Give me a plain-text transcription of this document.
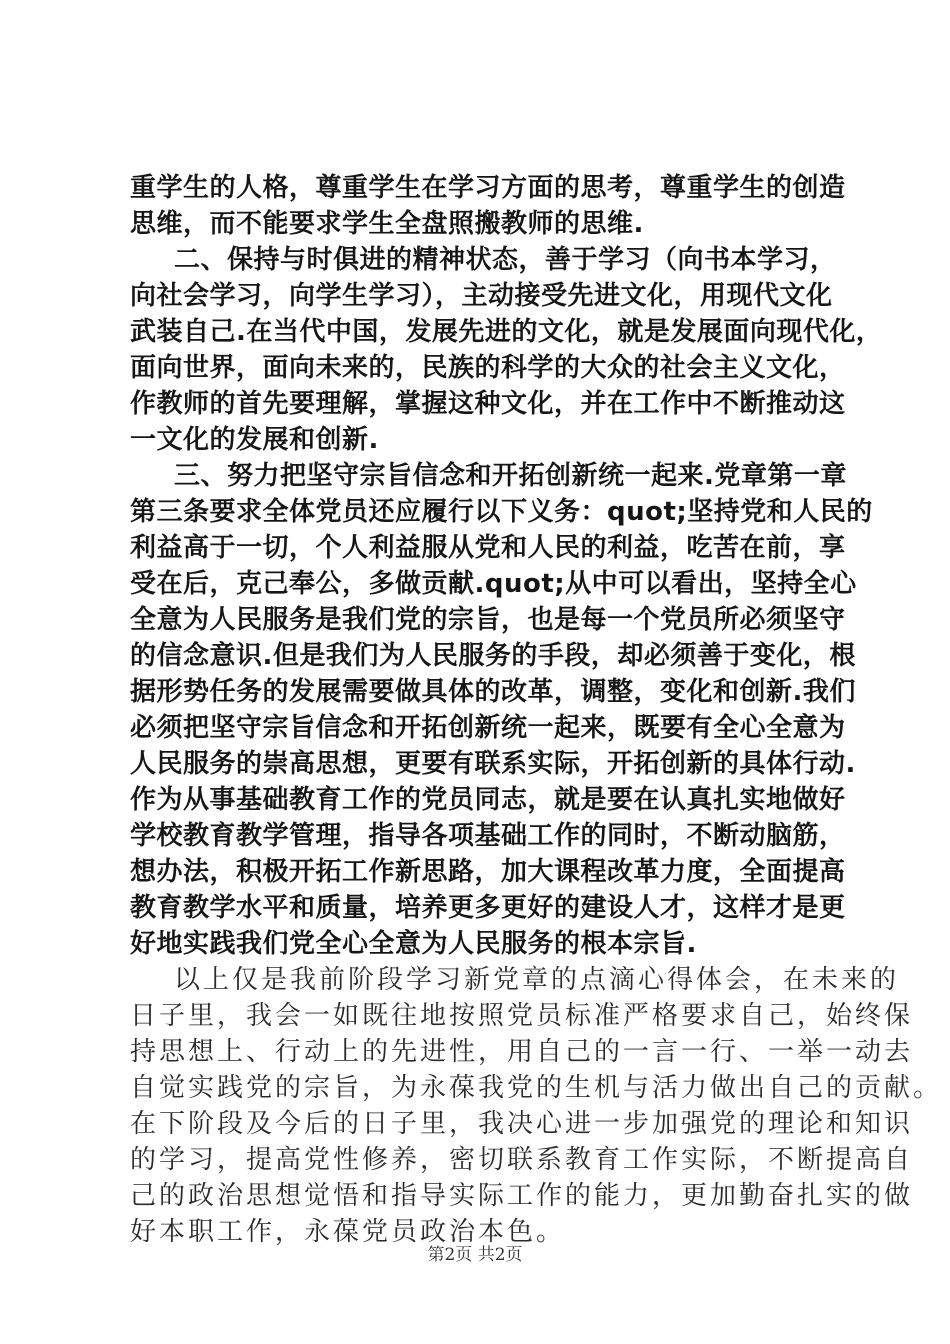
重学生的人格，尊重学生在学习方面的思考，尊重学生的创造
思维，而不能要求学生全盘照搬教师的思维.
二、保持与时俱进的精神状态，善于学习（向书本学习，
向社会学习，向学生学习），主动接受先进文化，用现代文化
武装自己.在当代中国，发展先进的文化，就是发展面向现代化，
面向世界，面向未来的，民族的科学的大众的社会主义文化，
作教师的首先要理解，掌握这种文化，并在工作中不断推动这
一文化的发展和创新.
三、努力把坚守宗旨信念和开拓创新统一起来.党章第一章
第三条要求全体党员还应履行以下义务：quot;坚持党和人民的
利益高于一切，个人利益服从党和人民的利益，吃苦在前，享
受在后，克己奉公，多做贡献.quot;从中可以看出，坚持全心
全意为人民服务是我们党的宗旨，也是每一个党员所必须坚守
的信念意识.但是我们为人民服务的手段，却必须善于变化，根
据形势任务的发展需要做具体的改革，调整，变化和创新.我们
必须把坚守宗旨信念和开拓创新统一起来，既要有全心全意为
人民服务的崇高思想，更要有联系实际，开拓创新的具体行动.
作为从事基础教育工作的党员同志，就是要在认真扎实地做好
学校教育教学管理，指导各项基础工作的同时，不断动脑筋，
想办法，积极开拓工作新思路，加大课程改革力度，全面提高
教育教学水平和质量，培养更多更好的建设人才，这样才是更
好地实践我们党全心全意为人民服务的根本宗旨.
以上仅是我前阶段学习新党章的点滴心得体会，在未来的
日子里，我会一如既往地按照党员标准严格要求自己，始终保
持思想上、行动上的先进性，用自己的一言一行、一举一动去
自觉实践党的宗旨，为永葆我党的生机与活力做出自己的贡献。
在下阶段及今后的日子里，我决心进一步加强党的理论和知识
的学习，提高党性修养，密切联系教育工作实际，不断提高自
己的政治思想觉悟和指导实际工作的能力，更加勤奋扎实的做
好本职工作，永葆党员政治本色。
第2页 共2页
